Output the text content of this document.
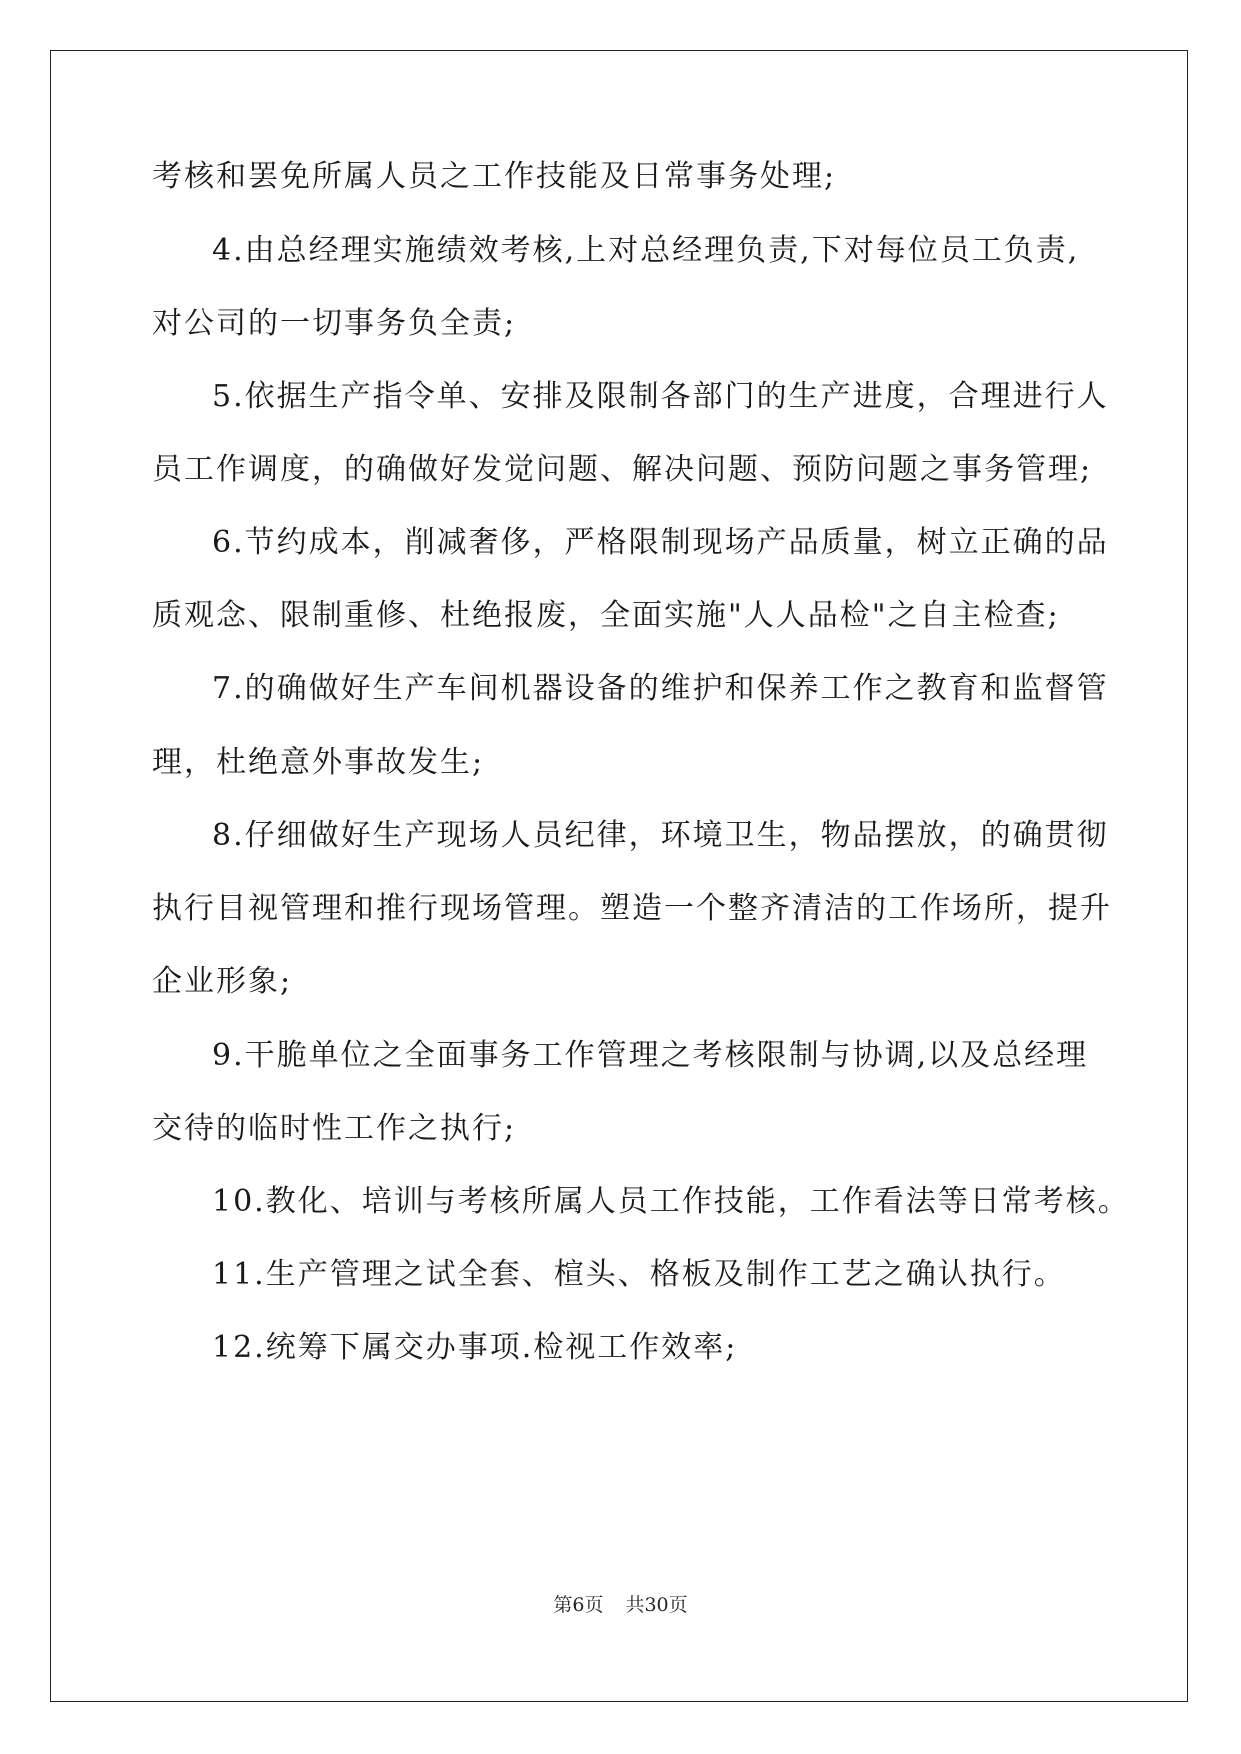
考核和罢免所属人员之工作技能及日常事务处理;
4.由总经理实施绩效考核,上对总经理负责,下对每位员工负责,
对公司的一切事务负全责;
5.依据生产指令单、安排及限制各部门的生产进度，合理进行人
员工作调度，的确做好发觉问题、解决问题、预防问题之事务管理;
6.节约成本，削减奢侈，严格限制现场产品质量，树立正确的品
质观念、限制重修、杜绝报废，全面实施"人人品检"之自主检查;
7.的确做好生产车间机器设备的维护和保养工作之教育和监督管
理，杜绝意外事故发生;
8.仔细做好生产现场人员纪律，环境卫生，物品摆放，的确贯彻
执行目视管理和推行现场管理。塑造一个整齐清洁的工作场所，提升
企业形象;
9.干脆单位之全面事务工作管理之考核限制与协调,以及总经理
交待的临时性工作之执行;
10.教化、培训与考核所属人员工作技能，工作看法等日常考核。
11.生产管理之试全套、楦头、格板及制作工艺之确认执行。
12.统筹下属交办事项.检视工作效率;
第6页 共30页
